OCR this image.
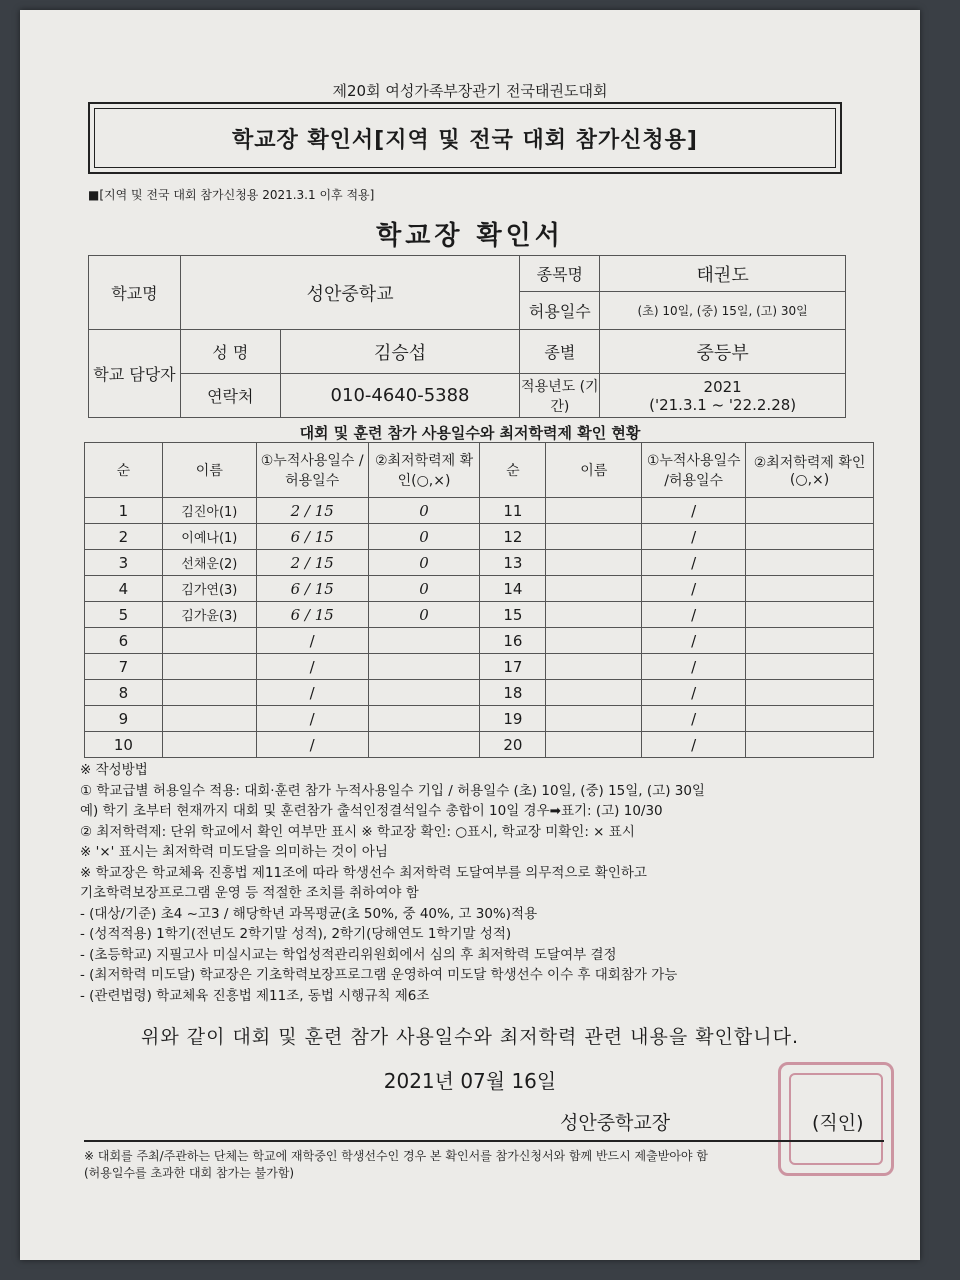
제20회 여성가족부장관기 전국태권도대회
학교장 확인서[지역 및 전국 대회 참가신청용]
■[지역 및 전국 대회 참가신청용 2021.3.1 이후 적용]
학교장 확인서
학교명	성안중학교		종목명	태권도
			허용일수	(초) 10일, (중) 15일, (고) 30일
학교 담당자	성 명	김승섭	종별	중등부
	연락처	010-4640-5388	적용년도 (기간)	2021
('21.3.1 ~ '22.2.28)
대회 및 훈련 참가 사용일수와 최저학력제 확인 현황
순	이름	①누적사용일수 /허용일수	②최저학력제 확인(○,×)	순	이름	①누적사용일수 /허용일수	②최저학력제 확인(○,×)
1	김진아(1)	2 / 15	0	11		/	
2	이예나(1)	6 / 15	0	12		/	
3	선채운(2)	2 / 15	0	13		/	
4	김가연(3)	6 / 15	0	14		/	
5	김가윤(3)	6 / 15	0	15		/	
6		/		16		/	
7		/		17		/	
8		/		18		/	
9		/		19		/	
10		/		20		/	
※ 작성방법
① 학교급별 허용일수 적용: 대회·훈련 참가 누적사용일수 기입 / 허용일수 (초) 10일, (중) 15일, (고) 30일
예) 학기 초부터 현재까지 대회 및 훈련참가 출석인정결석일수 총합이 10일 경우➡표기: (고) 10/30
② 최저학력제: 단위 학교에서 확인 여부만 표시 ※ 학교장 확인: ○표시, 학교장 미확인: × 표시
※ '×' 표시는 최저학력 미도달을 의미하는 것이 아님
※ 학교장은 학교체육 진흥법 제11조에 따라 학생선수 최저학력 도달여부를 의무적으로 확인하고
기초학력보장프로그램 운영 등 적절한 조치를 취하여야 함
- (대상/기준) 초4 ~고3 / 해당학년 과목평균(초 50%, 중 40%, 고 30%)적용
- (성적적용) 1학기(전년도 2학기말 성적), 2학기(당해연도 1학기말 성적)
- (초등학교) 지필고사 미실시교는 학업성적관리위원회에서 심의 후 최저학력 도달여부 결정
- (최저학력 미도달) 학교장은 기초학력보장프로그램 운영하여 미도달 학생선수 이수 후 대회참가 가능
- (관련법령) 학교체육 진흥법 제11조, 동법 시행규칙 제6조
위와 같이 대회 및 훈련 참가 사용일수와 최저학력 관련 내용을 확인합니다.
2021년 07월 16일
성안중학교장	(직인)
※ 대회를 주최/주관하는 단체는 학교에 재학중인 학생선수인 경우 본 확인서를 참가신청서와 함께 반드시 제출받아야 함
(허용일수를 초과한 대회 참가는 불가함)
